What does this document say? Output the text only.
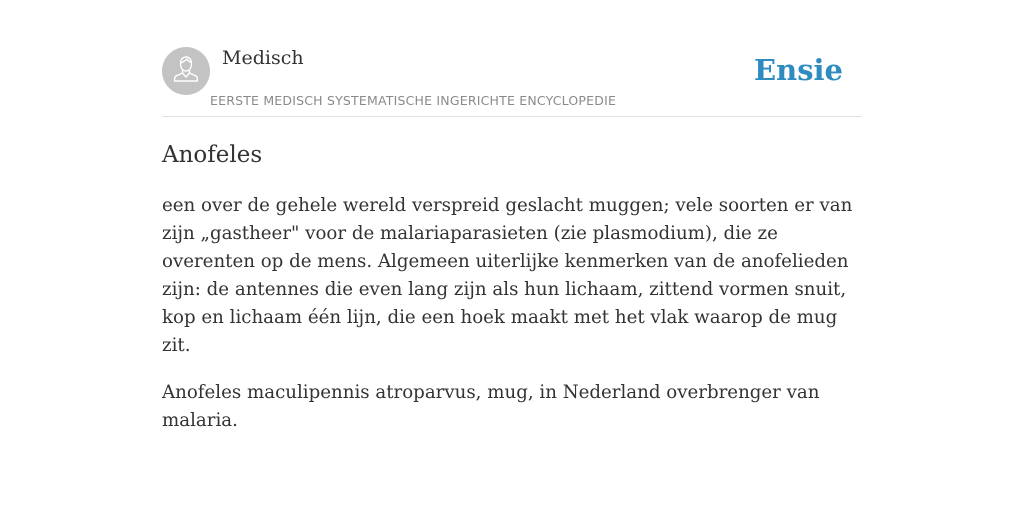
Medisch
EERSTE MEDISCH SYSTEMATISCHE INGERICHTE ENCYCLOPEDIE
Ensie
Anofeles

een over de gehele wereld verspreid geslacht muggen; vele soorten er van zijn „gastheer" voor de malariaparasieten (zie plasmodium), die ze overenten op de mens. Algemeen uiterlijke kenmerken van de anofelieden zijn: de antennes die even lang zijn als hun lichaam, zittend vormen snuit, kop en lichaam één lijn, die een hoek maakt met het vlak waarop de mug zit.

Anofeles maculipennis atroparvus, mug, in Nederland overbrenger van malaria.
